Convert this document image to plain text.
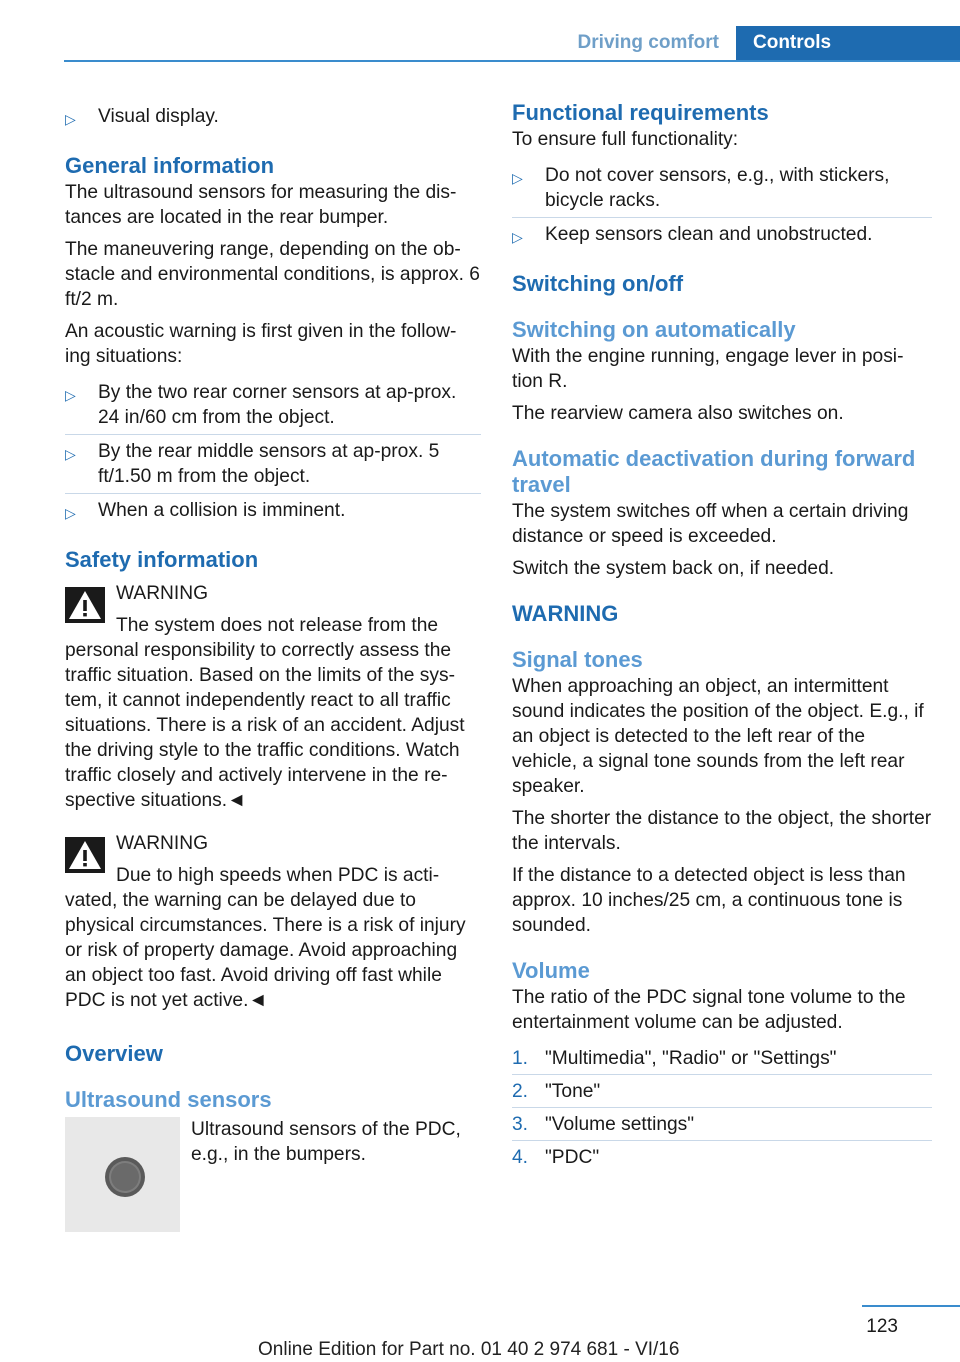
Driving comfort	Controls
▷ Visual display.
General information

The ultrasound sensors for measuring the dis‐tances are located in the rear bumper.

The maneuvering range, depending on the ob‐stacle and environmental conditions, is approx. 6 ft/2 m.

An acoustic warning is first given in the follow‐ing situations:

▷ By the two rear corner sensors at ap‐prox. 24 in/60 cm from the object.
▷ By the rear middle sensors at ap‐prox. 5 ft/1.50 m from the object.
▷ When a collision is imminent.
Safety information
WARNING

The system does not release from the personal responsibility to correctly assess the traffic situation. Based on the limits of the sys‐tem, it cannot independently react to all traffic situations. There is a risk of an accident. Adjust the driving style to the traffic conditions. Watch traffic closely and actively intervene in the re‐spective situations.◄

WARNING

Due to high speeds when PDC is acti‐vated, the warning can be delayed due to physical circumstances. There is a risk of injury or risk of property damage. Avoid approaching an object too fast. Avoid driving off fast while PDC is not yet active.◄

Overview
Ultrasound sensors

Ultrasound sensors of the PDC, e.g., in the bumpers.

Functional requirements

To ensure full functionality:

▷ Do not cover sensors, e.g., with stickers, bicycle racks.
▷ Keep sensors clean and unobstructed.
Switching on/off
Switching on automatically

With the engine running, engage lever in posi‐tion R.

The rearview camera also switches on.

Automatic deactivation during forward travel

The system switches off when a certain driving distance or speed is exceeded.

Switch the system back on, if needed.

WARNING
Signal tones

When approaching an object, an intermittent sound indicates the position of the object. E.g., if an object is detected to the left rear of the vehicle, a signal tone sounds from the left rear speaker.

The shorter the distance to the object, the shorter the intervals.

If the distance to a detected object is less than approx. 10 inches/25 cm, a continuous tone is sounded.

Volume

The ratio of the PDC signal tone volume to the entertainment volume can be adjusted.

1. "Multimedia", "Radio" or "Settings"
2. "Tone"
3. "Volume settings"
4. "PDC"
123
Online Edition for Part no. 01 40 2 974 681 - VI/16
